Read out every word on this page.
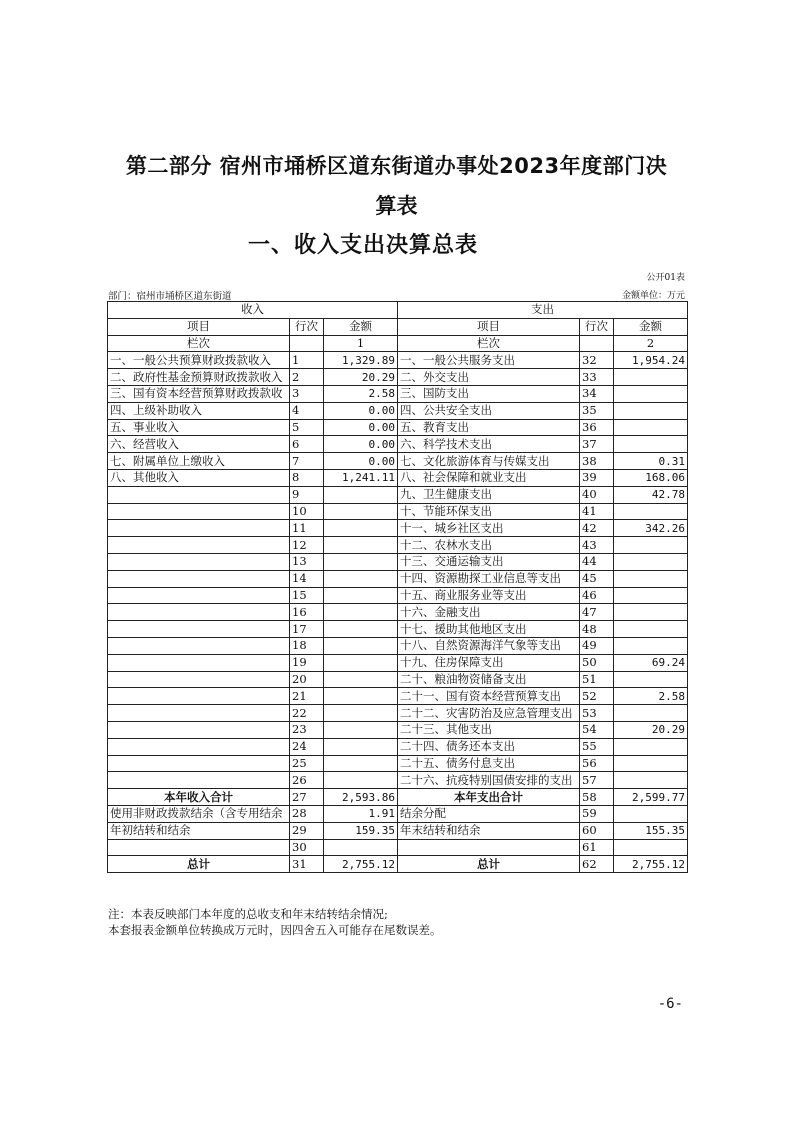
第二部分 宿州市埇桥区道东街道办事处2023年度部门决
算表
一、收入支出决算总表
公开01表
部门：宿州市埇桥区道东街道	金额单位：万元
收入			支出		
项目	行次	金额	项目	行次	金额
栏次		1	栏次		2
一、一般公共预算财政拨款收入	1	1,329.89	一、一般公共服务支出	32	1,954.24
二、政府性基金预算财政拨款收入	2	20.29	二、外交支出	33	
三、国有资本经营预算财政拨款收	3	2.58	三、国防支出	34	
四、上级补助收入	4	0.00	四、公共安全支出	35	
五、事业收入	5	0.00	五、教育支出	36	
六、经营收入	6	0.00	六、科学技术支出	37	
七、附属单位上缴收入	7	0.00	七、文化旅游体育与传媒支出	38	0.31
八、其他收入	8	1,241.11	八、社会保障和就业支出	39	168.06
	9		九、卫生健康支出	40	42.78
	10		十、节能环保支出	41	
	11		十一、城乡社区支出	42	342.26
	12		十二、农林水支出	43	
	13		十三、交通运输支出	44	
	14		十四、资源勘探工业信息等支出	45	
	15		十五、商业服务业等支出	46	
	16		十六、金融支出	47	
	17		十七、援助其他地区支出	48	
	18		十八、自然资源海洋气象等支出	49	
	19		十九、住房保障支出	50	69.24
	20		二十、粮油物资储备支出	51	
	21		二十一、国有资本经营预算支出	52	2.58
	22		二十二、灾害防治及应急管理支出	53	
	23		二十三、其他支出	54	20.29
	24		二十四、债务还本支出	55	
	25		二十五、债务付息支出	56	
	26		二十六、抗疫特别国债安排的支出	57	
本年收入合计	27	2,593.86	本年支出合计	58	2,599.77
使用非财政拨款结余（含专用结余	28	1.91	结余分配	59	
年初结转和结余	29	159.35	年末结转和结余	60	155.35
	30			61	
总计	31	2,755.12	总计	62	2,755.12
注：本表反映部门本年度的总收支和年末结转结余情况;
本套报表金额单位转换成万元时，因四舍五入可能存在尾数误差。
-6-
